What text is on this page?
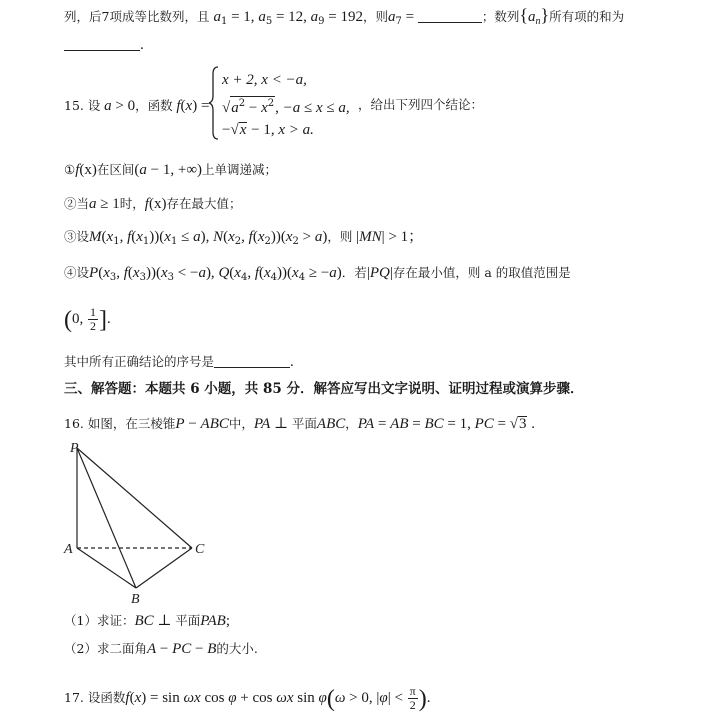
列，后7项成等比数列，且 $a_1 = 1$, $a_5 = 12$, $a_9 = 192$，则$a_7$ =	；数列$\{a_n\}$所有项的和为
.
15. 设 a > 0，函数 f(x) =
x + 2, x < −a,
$√a^2 - x^2$, −a ≤ x ≤ a,
−√x − 1, x > a.
，给出下列四个结论：
①f(x)在区间(a − 1, +∞)上单调递减；
②当a ≥ 1时，f(x)存在最大值；
③设$M(x_1$, $f(x_1))(x_1 \le a)$, $N(x_2$, $f(x_2))(x_2 > a)$，则 |MN| > 1；
④设$P(x_3$, $f(x_3))(x_3 < -a)$, $Q(x_4$, $f(x_4))(x_4 \ge -a)$．若|PQ|存在最小值，则 a 的取值范围是
(0, $\frac{1}{2}$ ].
其中所有正确结论的序号是	.
三、解答题：本题共 6 小题，共 85 分．解答应写出文字说明、证明过程或演算步骤．
16. 如图，在三棱锥P − ABC中，PA ⊥ 平面ABC，PA = AB = BC = 1, PC = √3 .
P
A	C
B
（1）求证：BC ⊥ 平面PAB;
（2）求二面角A − PC − B的大小.
17. 设函数f(x) = sin ωx cos φ + cos ωx sin φ(ω > 0, $|\varphi| < \frac{\pi}{2}$ ).
